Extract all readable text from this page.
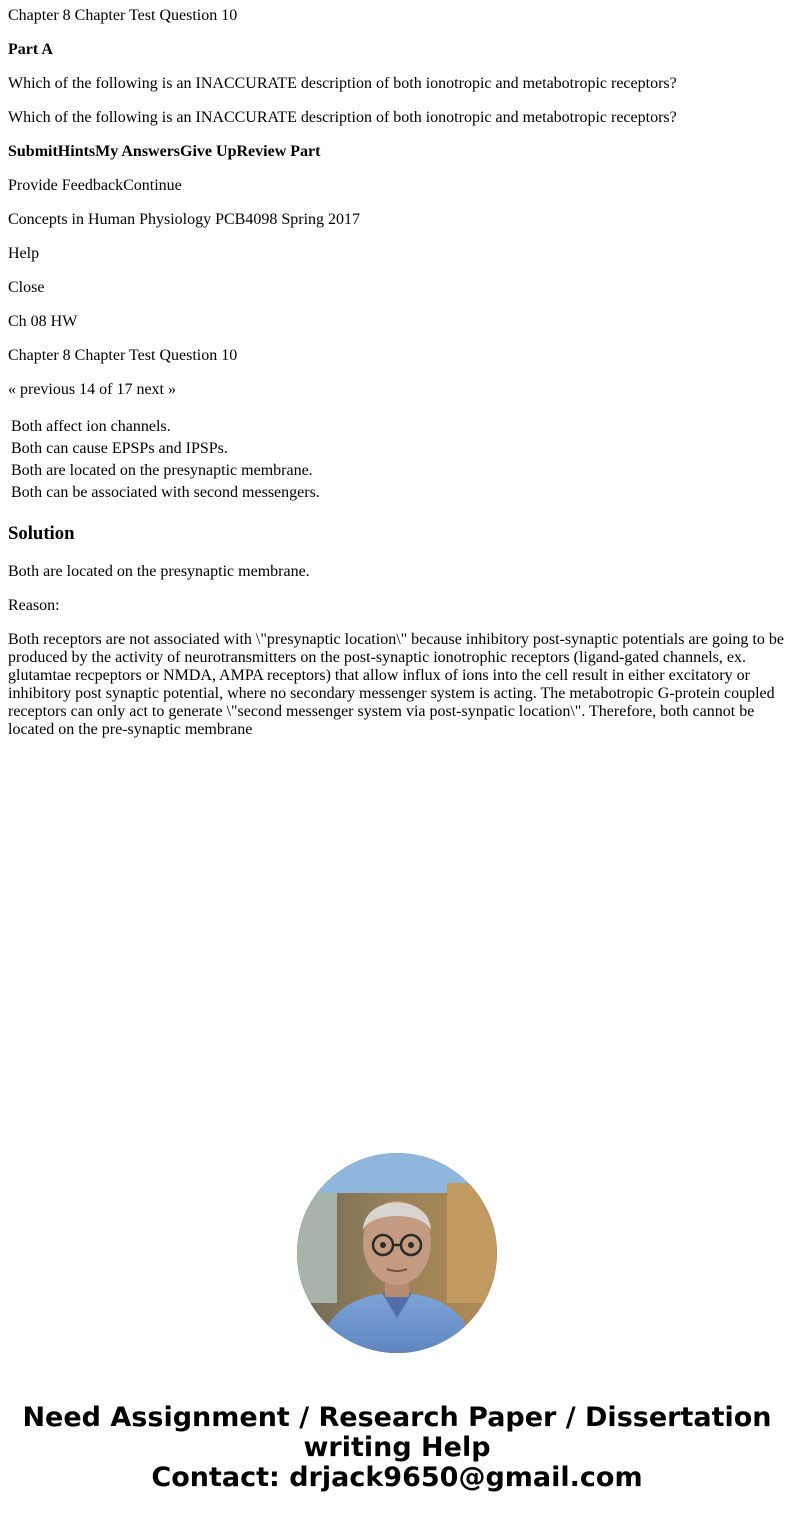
Chapter 8 Chapter Test Question 10

Part A

Which of the following is an INACCURATE description of both ionotropic and metabotropic receptors?

Which of the following is an INACCURATE description of both ionotropic and metabotropic receptors?

SubmitHintsMy AnswersGive UpReview Part

Provide FeedbackContinue

Concepts in Human Physiology PCB4098 Spring 2017

Help

Close

Ch 08 HW

Chapter 8 Chapter Test Question 10

« previous 14 of 17 next »

Both affect ion channels.
Both can cause EPSPs and IPSPs.
Both are located on the presynaptic membrane.
Both can be associated with second messengers.
Solution

Both are located on the presynaptic membrane.

Reason:

Both receptors are not associated with \"presynaptic location\" because inhibitory post-synaptic potentials are going to be produced by the activity of neurotransmitters on the post-synaptic ionotrophic receptors (ligand-gated channels, ex. glutamtae recpeptors or NMDA, AMPA receptors) that allow influx of ions into the cell result in either excitatory or inhibitory post synaptic potential, where no secondary messenger system is acting. The metabotropic G-protein coupled receptors can only act to generate \"second messenger system via post-synpatic location\". Therefore, both cannot be located on the pre-synaptic membrane

Need Assignment / Research Paper / Dissertation
writing Help
Contact: drjack9650@gmail.com
